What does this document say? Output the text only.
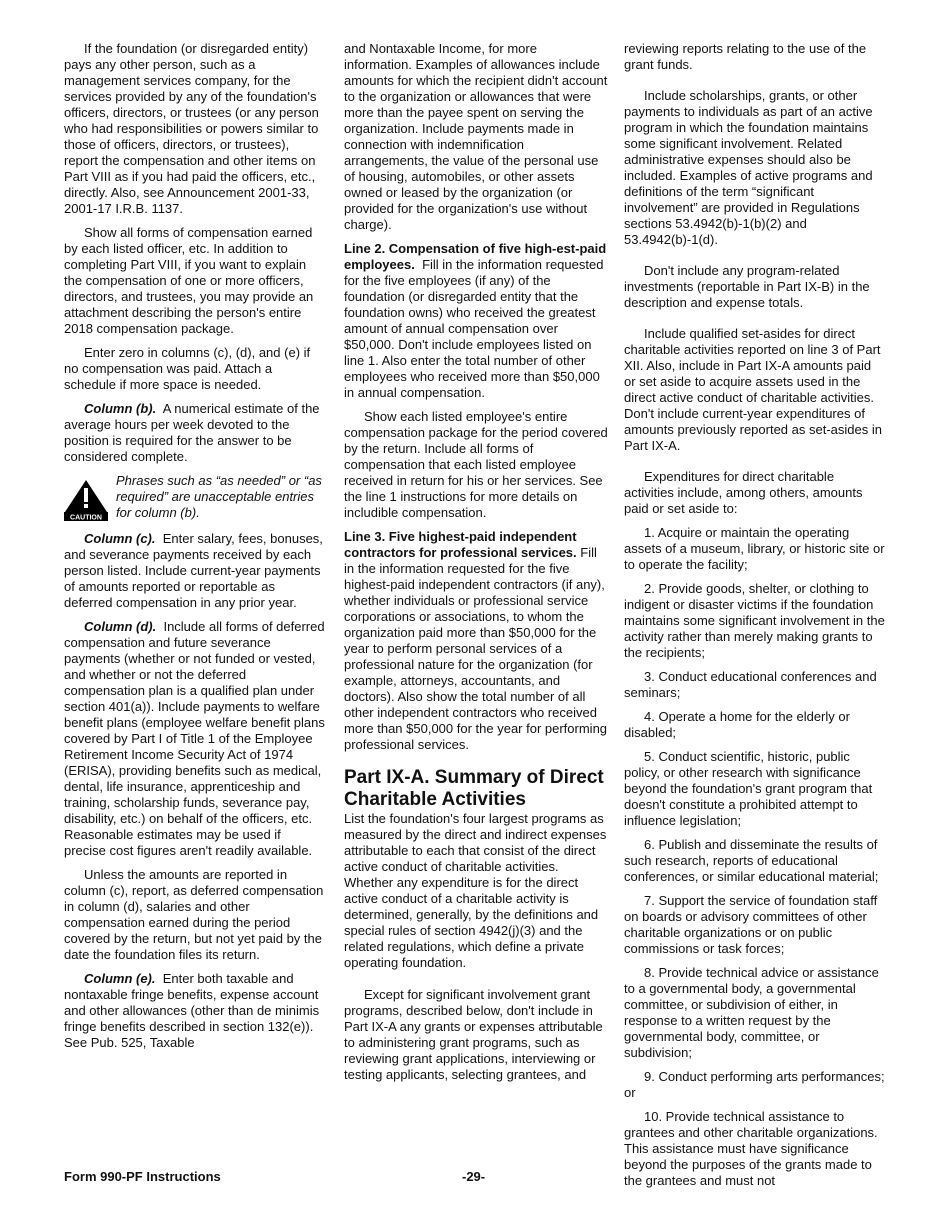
If the foundation (or disregarded entity) pays any other person, such as a management services company, for the services provided by any of the foundation's officers, directors, or trustees (or any person who had responsibilities or powers similar to those of officers, directors, or trustees), report the compensation and other items on Part VIII as if you had paid the officers, etc., directly. Also, see Announcement 2001-33, 2001-17 I.R.B. 1137.

Show all forms of compensation earned by each listed officer, etc. In addition to completing Part VIII, if you want to explain the compensation of one or more officers, directors, and trustees, you may provide an attachment describing the person's entire 2018 compensation package.

Enter zero in columns (c), (d), and (e) if no compensation was paid. Attach a schedule if more space is needed.

Column (b). A numerical estimate of the average hours per week devoted to the position is required for the answer to be considered complete.

CAUTION
Phrases such as “as needed” or “as required” are unacceptable entries for column (b).

Column (c). Enter salary, fees, bonuses, and severance payments received by each person listed. Include current-year payments of amounts reported or reportable as deferred compensation in any prior year.

Column (d). Include all forms of deferred compensation and future severance payments (whether or not funded or vested, and whether or not the deferred compensation plan is a qualified plan under section 401(a)). Include payments to welfare benefit plans (employee welfare benefit plans covered by Part I of Title 1 of the Employee Retirement Income Security Act of 1974 (ERISA), providing benefits such as medical, dental, life insurance, apprenticeship and training, scholarship funds, severance pay, disability, etc.) on behalf of the officers, etc. Reasonable estimates may be used if precise cost figures aren't readily available.

Unless the amounts are reported in column (c), report, as deferred compensation in column (d), salaries and other compensation earned during the period covered by the return, but not yet paid by the date the foundation files its return.

Column (e). Enter both taxable and nontaxable fringe benefits, expense account and other allowances (other than de minimis fringe benefits described in section 132(e)). See Pub. 525, Taxable

and Nontaxable Income, for more information. Examples of allowances include amounts for which the recipient didn't account to the organization or allowances that were more than the payee spent on serving the organization. Include payments made in connection with indemnification arrangements, the value of the personal use of housing, automobiles, or other assets owned or leased by the organization (or provided for the organization's use without charge).

Line 2. Compensation of five high-est-paid employees. Fill in the information requested for the five employees (if any) of the foundation (or disregarded entity that the foundation owns) who received the greatest amount of annual compensation over $50,000. Don't include employees listed on line 1. Also enter the total number of other employees who received more than $50,000 in annual compensation.

Show each listed employee's entire compensation package for the period covered by the return. Include all forms of compensation that each listed employee received in return for his or her services. See the line 1 instructions for more details on includible compensation.

Line 3. Five highest-paid independent contractors for professional services. Fill in the information requested for the five highest-paid independent contractors (if any), whether individuals or professional service corporations or associations, to whom the organization paid more than $50,000 for the year to perform personal services of a professional nature for the organization (for example, attorneys, accountants, and doctors). Also show the total number of all other independent contractors who received more than $50,000 for the year for performing professional services.

Part IX-A. Summary of Direct Charitable Activities

List the foundation's four largest programs as measured by the direct and indirect expenses attributable to each that consist of the direct active conduct of charitable activities. Whether any expenditure is for the direct active conduct of a charitable activity is determined, generally, by the definitions and special rules of section 4942(j)(3) and the related regulations, which define a private operating foundation.

Except for significant involvement grant programs, described below, don't include in Part IX-A any grants or expenses attributable to administering grant programs, such as reviewing grant applications, interviewing or testing applicants, selecting grantees, and

reviewing reports relating to the use of the grant funds.

Include scholarships, grants, or other payments to individuals as part of an active program in which the foundation maintains some significant involvement. Related administrative expenses should also be included. Examples of active programs and definitions of the term “significant involvement” are provided in Regulations sections 53.4942(b)-1(b)(2) and 53.4942(b)-1(d).

Don't include any program-related investments (reportable in Part IX-B) in the description and expense totals.

Include qualified set-asides for direct charitable activities reported on line 3 of Part XII. Also, include in Part IX-A amounts paid or set aside to acquire assets used in the direct active conduct of charitable activities. Don't include current-year expenditures of amounts previously reported as set-asides in Part IX-A.

Expenditures for direct charitable activities include, among others, amounts paid or set aside to:

1. Acquire or maintain the operating assets of a museum, library, or historic site or to operate the facility;

2. Provide goods, shelter, or clothing to indigent or disaster victims if the foundation maintains some significant involvement in the activity rather than merely making grants to the recipients;

3. Conduct educational conferences and seminars;

4. Operate a home for the elderly or disabled;

5. Conduct scientific, historic, public policy, or other research with significance beyond the foundation's grant program that doesn't constitute a prohibited attempt to influence legislation;

6. Publish and disseminate the results of such research, reports of educational conferences, or similar educational material;

7. Support the service of foundation staff on boards or advisory committees of other charitable organizations or on public commissions or task forces;

8. Provide technical advice or assistance to a governmental body, a governmental committee, or subdivision of either, in response to a written request by the governmental body, committee, or subdivision;

9. Conduct performing arts performances; or

10. Provide technical assistance to grantees and other charitable organizations. This assistance must have significance beyond the purposes of the grants made to the grantees and must not

Form 990-PF Instructions	-29-
